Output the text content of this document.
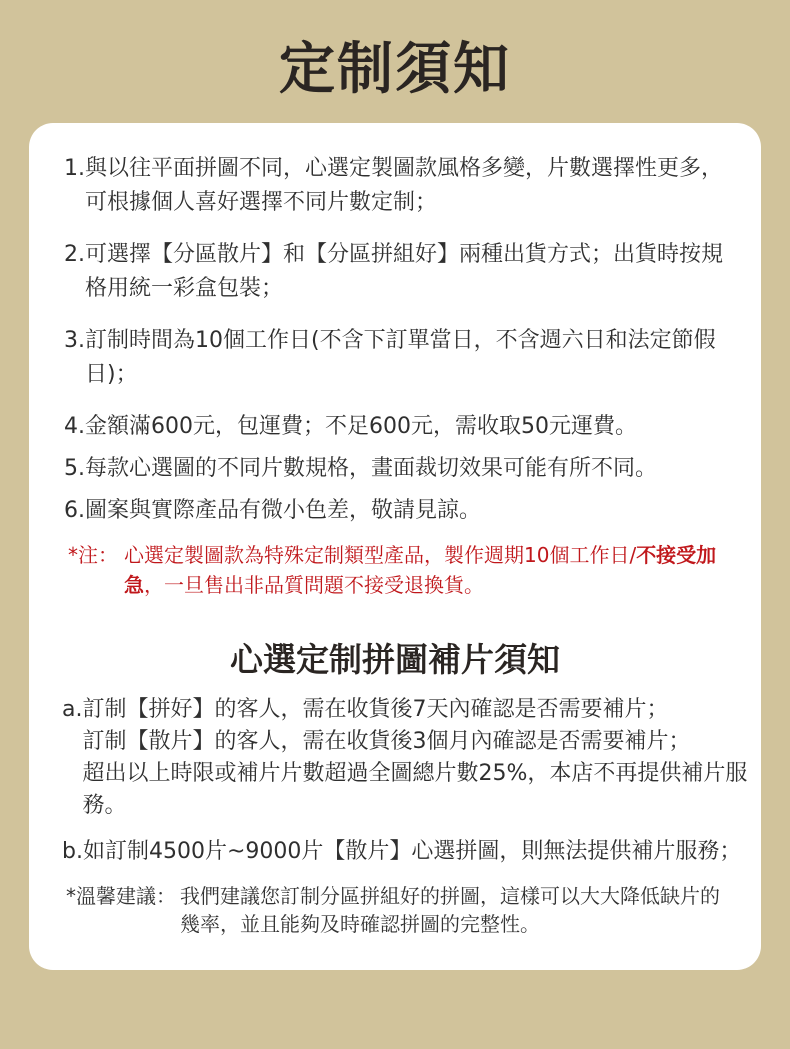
定制須知
1. 與以往平面拼圖不同，心選定製圖款風格多變，片數選擇性更多，可根據個人喜好選擇不同片數定制；
2. 可選擇【分區散片】和【分區拼組好】兩種出貨方式；出貨時按規格用統一彩盒包裝；
3. 訂制時間為10個工作日(不含下訂單當日，不含週六日和法定節假日)；
4. 金額滿600元，包運費；不足600元，需收取50元運費。
5. 每款心選圖的不同片數規格，畫面裁切效果可能有所不同。
6. 圖案與實際產品有微小色差，敬請見諒。
*注： 心選定製圖款為特殊定制類型產品，製作週期10個工作日/不接受加急，一旦售出非品質問題不接受退換貨。
心選定制拼圖補片須知
a. 訂制【拼好】的客人，需在收貨後7天內確認是否需要補片；
訂制【散片】的客人，需在收貨後3個月內確認是否需要補片；
超出以上時限或補片片數超過全圖總片數25%，本店不再提供補片服務。
b. 如訂制4500片~9000片【散片】心選拼圖，則無法提供補片服務；
*溫馨建議： 我們建議您訂制分區拼組好的拼圖，這樣可以大大降低缺片的幾率，並且能夠及時確認拼圖的完整性。
